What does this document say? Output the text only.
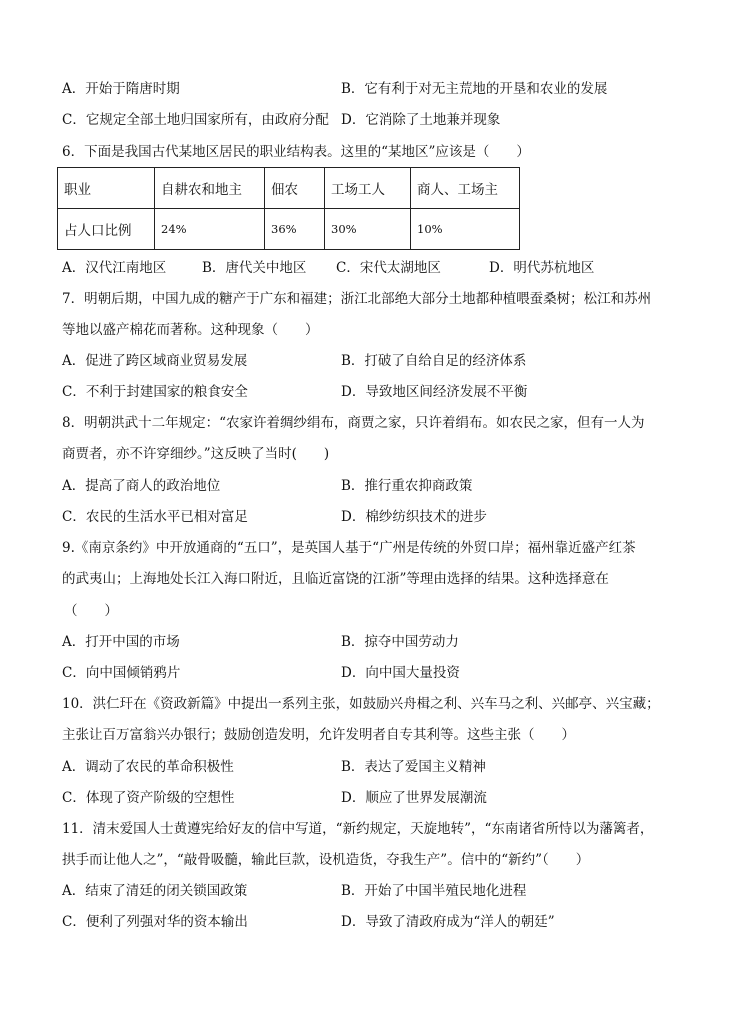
A．开始于隋唐时期	B．它有利于对无主荒地的开垦和农业的发展
C．它规定全部土地归国家所有，由政府分配 D．它消除了土地兼并现象
6．下面是我国古代某地区居民的职业结构表。这里的“某地区”应该是（　　）
职业	自耕农和地主	佃农	工场工人	商人、工场主
占人口比例	24%	36%	30%	10%
A．汉代江南地区	B．唐代关中地区 C．宋代太湖地区	D．明代苏杭地区
7．明朝后期，中国九成的糖产于广东和福建；浙江北部绝大部分土地都种植喂蚕桑树；松江和苏州
等地以盛产棉花而著称。这种现象（　　）
A．促进了跨区域商业贸易发展	B．打破了自给自足的经济体系
C．不利于封建国家的粮食安全	D．导致地区间经济发展不平衡
8．明朝洪武十二年规定：“农家许着绸纱绢布，商贾之家，只许着绢布。如农民之家，但有一人为
商贾者，亦不许穿细纱。”这反映了当时(　　)
A．提高了商人的政治地位	B．推行重农抑商政策
C．农民的生活水平已相对富足	D．棉纱纺织技术的进步
9.《南京条约》中开放通商的“五口”，是英国人基于“广州是传统的外贸口岸；福州靠近盛产红茶
的武夷山；上海地处长江入海口附近，且临近富饶的江浙”等理由选择的结果。这种选择意在
（　　）
A．打开中国的市场	B．掠夺中国劳动力
C．向中国倾销鸦片	D．向中国大量投资
10．洪仁玕在《资政新篇》中提出一系列主张，如鼓励兴舟楫之利、兴车马之利、兴邮亭、兴宝藏；
主张让百万富翁兴办银行；鼓励创造发明，允许发明者自专其利等。这些主张（　　）
A．调动了农民的革命积极性	B．表达了爱国主义精神
C．体现了资产阶级的空想性	D．顺应了世界发展潮流
11．清末爱国人士黄遵宪给好友的信中写道，“新约规定，天旋地转”，“东南诸省所恃以为藩篱者，
拱手而让他人之”，“敲骨吸髓，输此巨款，设机造货，夺我生产”。信中的“新约”（　　）
A．结束了清廷的闭关锁国政策	B．开始了中国半殖民地化进程
C．便利了列强对华的资本输出	D．导致了清政府成为“洋人的朝廷”
